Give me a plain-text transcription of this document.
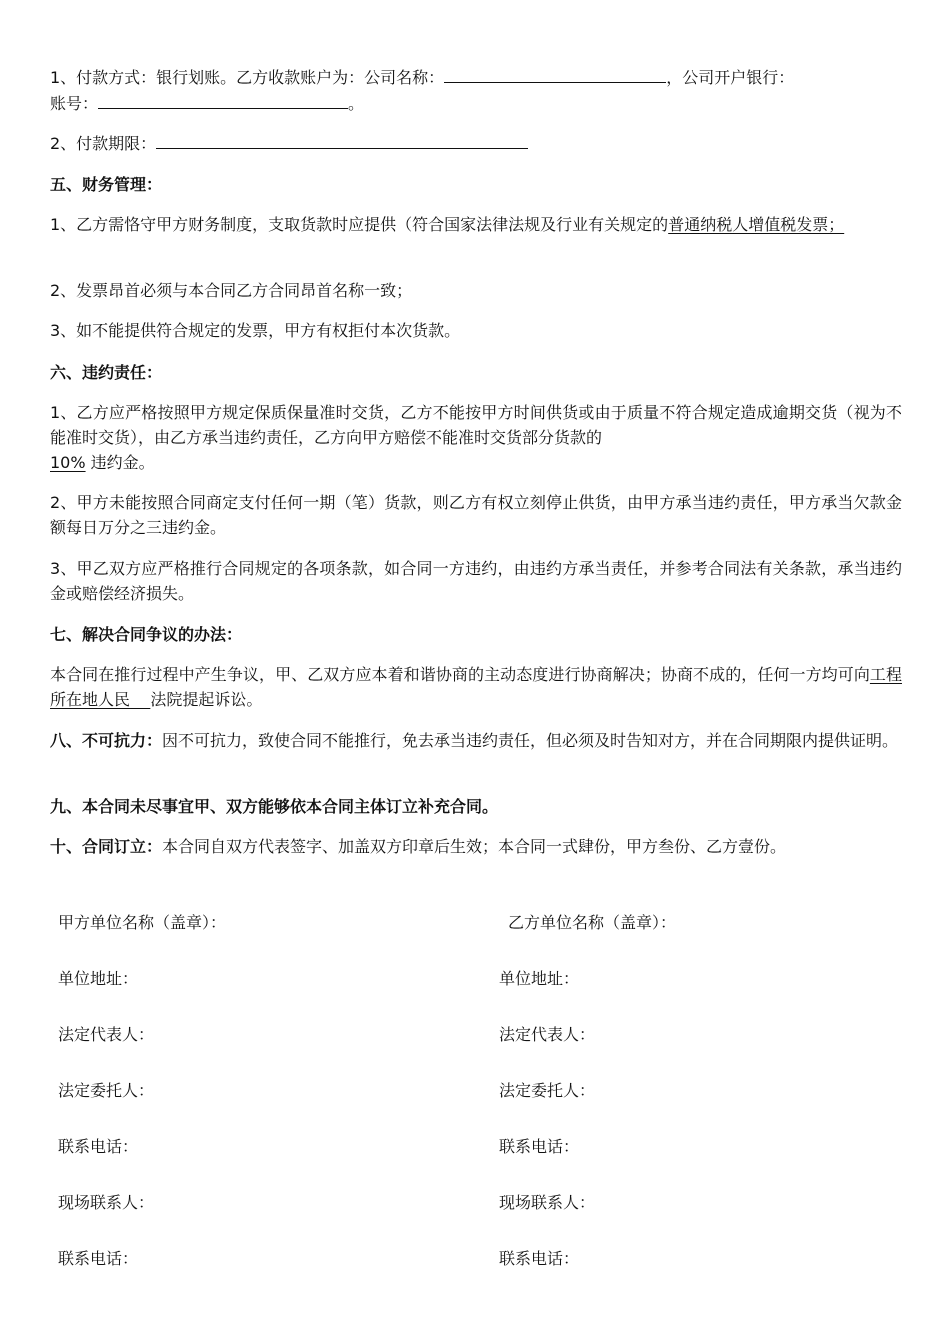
1、付款方式：银行划账。乙方收款账户为：公司名称：	，公司开户银行：
账号：	。

2、付款期限：

五、财务管理：

1、乙方需恪守甲方财务制度，支取货款时应提供（符合国家法律法规及行业有关规定的普通纳税人增值税发票；

2、发票昂首必须与本合同乙方合同昂首名称一致；

3、如不能提供符合规定的发票，甲方有权拒付本次货款。

六、违约责任：

1、乙方应严格按照甲方规定保质保量准时交货，乙方不能按甲方时间供货或由于质量不符合规定造成逾期交货（视为不能准时交货），由乙方承当违约责任，乙方向甲方赔偿不能准时交货部分货款的
10% 违约金。

2、甲方未能按照合同商定支付任何一期（笔）货款，则乙方有权立刻停止供货，由甲方承当违约责任，甲方承当欠款金额每日万分之三违约金。

3、甲乙双方应严格推行合同规定的各项条款，如合同一方违约，由违约方承当责任，并参考合同法有关条款，承当违约金或赔偿经济损失。

七、解决合同争议的办法：

本合同在推行过程中产生争议，甲、乙双方应本着和谐协商的主动态度进行协商解决；协商不成的，任何一方均可向工程所在地人民 法院提起诉讼。

八、不可抗力：因不可抗力，致使合同不能推行，免去承当违约责任，但必须及时告知对方，并在合同期限内提供证明。

九、本合同未尽事宜甲、双方能够依本合同主体订立补充合同。

十、合同订立：本合同自双方代表签字、加盖双方印章后生效；本合同一式肆份，甲方叁份、乙方壹份。

甲方单位名称（盖章）：

单位地址：

法定代表人：

法定委托人：

联系电话：

现场联系人：

联系电话：

乙方单位名称（盖章）：

单位地址：

法定代表人：

法定委托人：

联系电话：

现场联系人：

联系电话：
